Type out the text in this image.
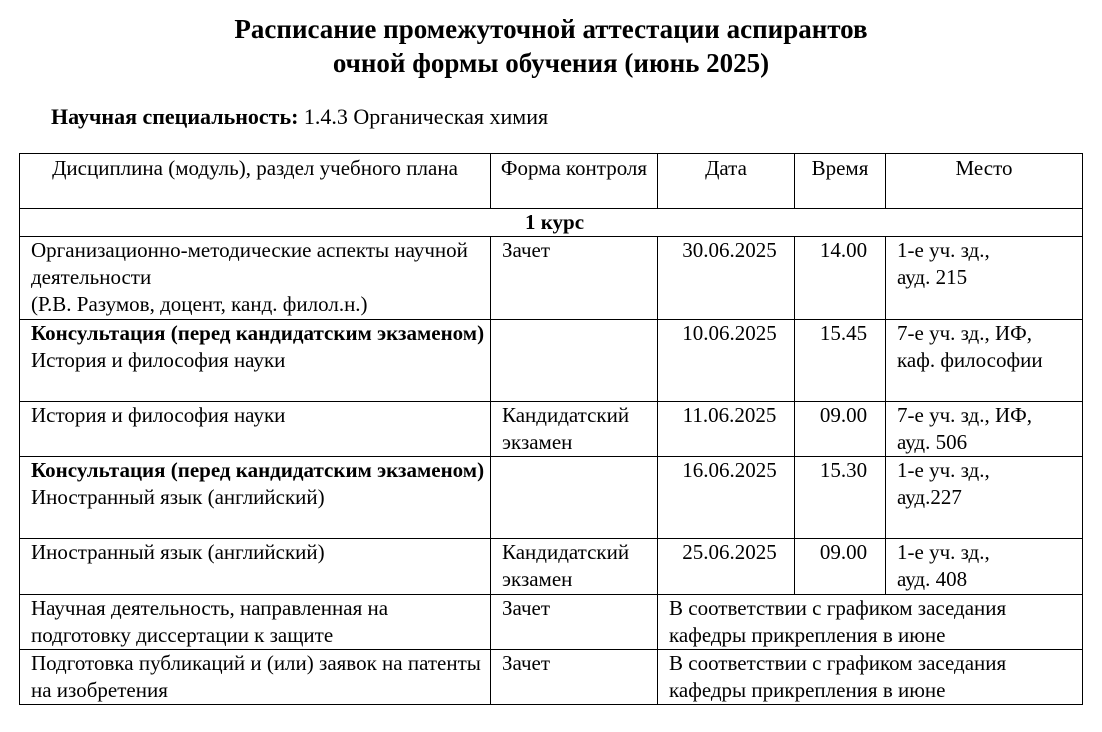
Расписание промежуточной аттестации аспирантов
очной формы обучения (июнь 2025)
Научная специальность: 1.4.3 Органическая химия
Дисциплина (модуль), раздел учебного плана	Форма контроля	Дата	Время	Место
1 курс				

Организационно-методические аспекты научной деятельности
(Р.В. Разумов, доцент, канд. филол.н.)	Зачет	30.06.2025	14.00	1-е уч. зд.,
ауд. 215

Консультация (перед кандидатским экзаменом)
История и философия науки		10.06.2025	15.45	7-е уч. зд., ИФ,
каф. философии

История и философия науки	Кандидатский экзамен	11.06.2025	09.00	7-е уч. зд., ИФ,
ауд. 506

Консультация (перед кандидатским экзаменом)
Иностранный язык (английский)		16.06.2025	15.30	1-е уч. зд.,
ауд.227

Иностранный язык (английский)	Кандидатский экзамен	25.06.2025	09.00	1-е уч. зд.,
ауд. 408

Научная деятельность, направленная на подготовку диссертации к защите	Зачет	В соответствии с графиком заседания кафедры прикрепления в июне		
Подготовка публикаций и (или) заявок на патенты на изобретения	Зачет	В соответствии с графиком заседания кафедры прикрепления в июне		
